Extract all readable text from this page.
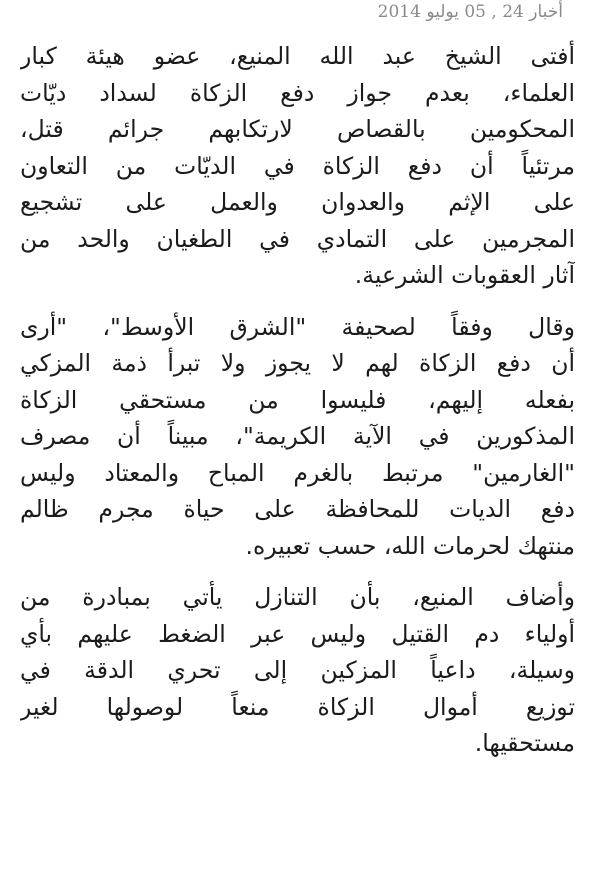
أخبار 24 , 05 يوليو 2014

أفتى الشيخ عبد الله المنيع، عضو هيئة كبار
العلماء، بعدم جواز دفع الزكاة لسداد ديّات
المحكومين بالقصاص لارتكابهم جرائم قتل،
مرتئياً أن دفع الزكاة في الديّات من التعاون
على الإثم والعدوان والعمل على تشجيع
المجرمين على التمادي في الطغيان والحد من
آثار العقوبات الشرعية.

وقال وفقاً لصحيفة "الشرق الأوسط"، "أرى
أن دفع الزكاة لهم لا يجوز ولا تبرأ ذمة المزكي
بفعله إليهم، فليسوا من مستحقي الزكاة
المذكورين في الآية الكريمة"، مبيناً أن مصرف
"الغارمين" مرتبط بالغرم المباح والمعتاد وليس
دفع الديات للمحافظة على حياة مجرم ظالم
منتهك لحرمات الله، حسب تعبيره.

وأضاف المنيع، بأن التنازل يأتي بمبادرة من
أولياء دم القتيل وليس عبر الضغط عليهم بأي
وسيلة، داعياً المزكين إلى تحري الدقة في
توزيع أموال الزكاة منعاً لوصولها لغير
مستحقيها.
